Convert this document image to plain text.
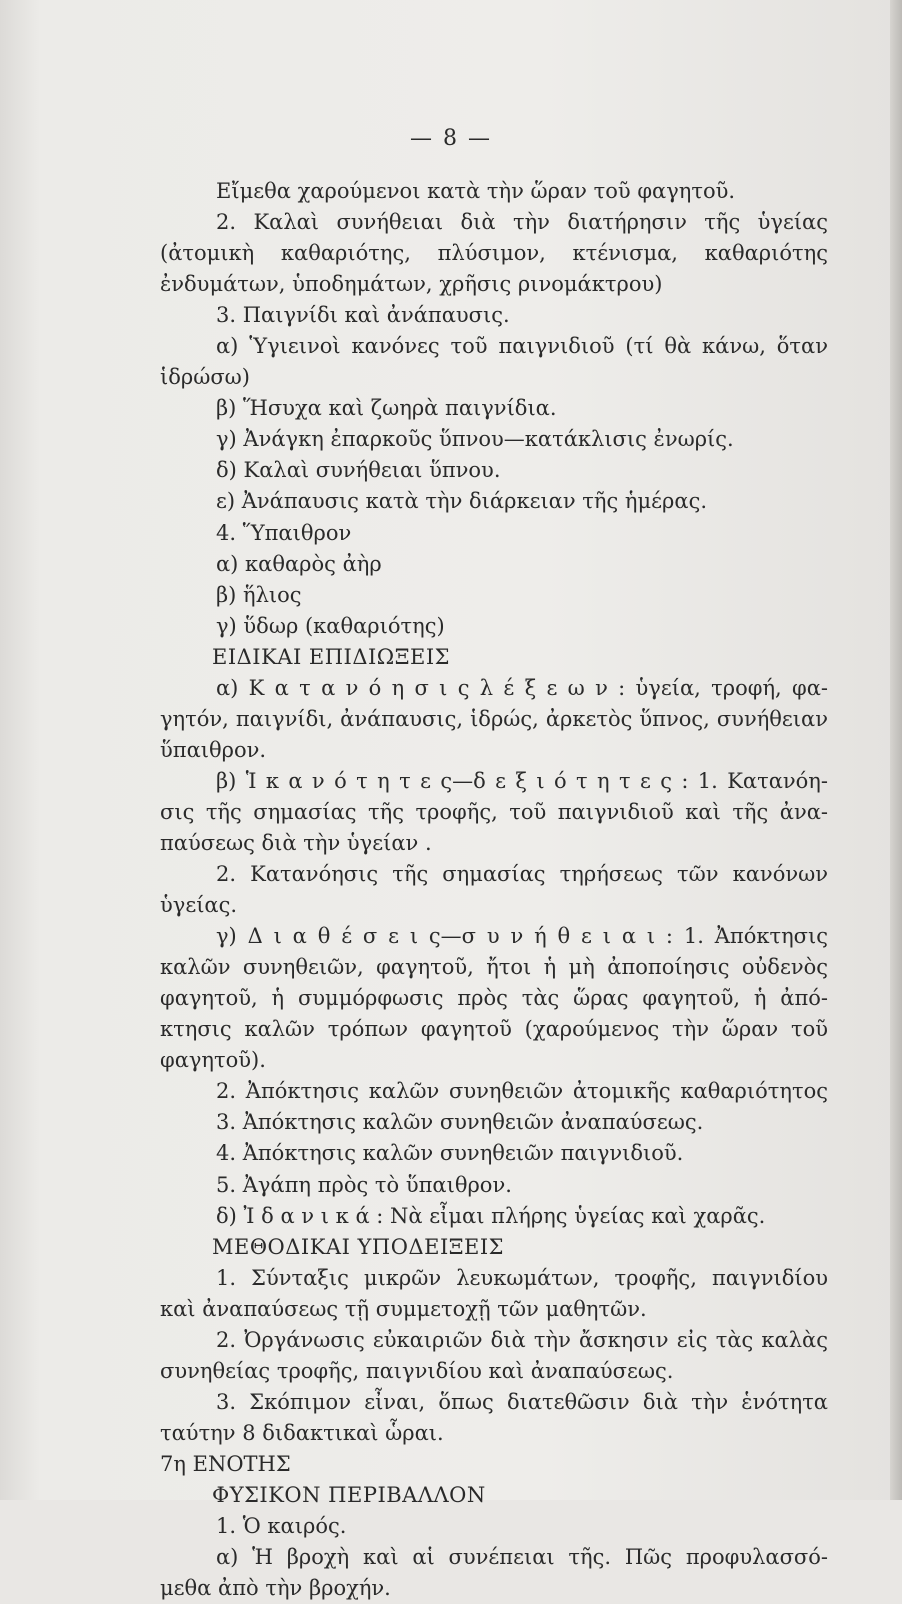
— 8 —
Εἴμεθα χαρούμενοι κατὰ τὴν ὥραν τοῦ φαγητοῦ.
2. Καλαὶ συνήθειαι διὰ τὴν διατήρησιν τῆς ὑγείας
(ἀτομικὴ καθαριότης, πλύσιμον, κτένισμα, καθαριότης
ἐνδυμάτων, ὑποδημάτων, χρῆσις ρινομάκτρου)
3. Παιγνίδι καὶ ἀνάπαυσις.
α) Ὑγιεινοὶ κανόνες τοῦ παιγνιδιοῦ (τί θὰ κάνω, ὅταν
ἱδρώσω)
β) Ἥσυχα καὶ ζωηρὰ παιγνίδια.
γ) Ἀνάγκη ἐπαρκοῦς ὕπνου—κατάκλισις ἐνωρίς.
δ) Καλαὶ συνήθειαι ὕπνου.
ε) Ἀνάπαυσις κατὰ τὴν διάρκειαν τῆς ἡμέρας.
4. Ὕπαιθρον
α) καθαρὸς ἀὴρ
β) ἥλιος
γ) ὕδωρ (καθαριότης)
ΕΙΔΙΚΑΙ ΕΠΙΔΙΩΞΕΙΣ
α) Κ α τ α ν ό η σ ι ς λ έ ξ ε ω ν : ὑγεία, τροφή, φα-
γητόν, παιγνίδι, ἀνάπαυσις, ἱδρώς, ἀρκετὸς ὕπνος, συνήθειαν
ὕπαιθρον.
β) Ἱ κ α ν ό τ η τ ε ς—δ ε ξ ι ό τ η τ ε ς : 1. Κατανόη-
σις τῆς σημασίας τῆς τροφῆς, τοῦ παιγνιδιοῦ καὶ τῆς ἀνα-
παύσεως διὰ τὴν ὑγείαν .
2. Κατανόησις τῆς σημασίας τηρήσεως τῶν κανόνων
ὑγείας.
γ) Δ ι α θ έ σ ε ι ς—σ υ ν ή θ ε ι α ι : 1. Ἀπόκτησις
καλῶν συνηθειῶν, φαγητοῦ, ἤτοι ἡ μὴ ἀποποίησις οὐδενὸς
φαγητοῦ, ἡ συμμόρφωσις πρὸς τὰς ὥρας φαγητοῦ, ἡ ἀπό-
κτησις καλῶν τρόπων φαγητοῦ (χαρούμενος τὴν ὥραν τοῦ
φαγητοῦ).
2. Ἀπόκτησις καλῶν συνηθειῶν ἀτομικῆς καθαριότητος
3. Ἀπόκτησις καλῶν συνηθειῶν ἀναπαύσεως.
4. Ἀπόκτησις καλῶν συνηθειῶν παιγνιδιοῦ.
5. Ἀγάπη πρὸς τὸ ὕπαιθρον.
δ) Ἰ δ α ν ι κ ά : Νὰ εἶμαι πλήρης ὑγείας καὶ χαρᾶς.
ΜΕΘΟΔΙΚΑΙ ΥΠΟΔΕΙΞΕΙΣ
1. Σύνταξις μικρῶν λευκωμάτων, τροφῆς, παιγνιδίου
καὶ ἀναπαύσεως τῇ συμμετοχῇ τῶν μαθητῶν.
2. Ὀργάνωσις εὐκαιριῶν διὰ τὴν ἄσκησιν εἰς τὰς καλὰς
συνηθείας τροφῆς, παιγνιδίου καὶ ἀναπαύσεως.
3. Σκόπιμον εἶναι, ὅπως διατεθῶσιν διὰ τὴν ἑνότητα
ταύτην 8 διδακτικαὶ ὧραι.
7η ΕΝΟΤΗΣ
ΦΥΣΙΚΟΝ ΠΕΡΙΒΑΛΛΟΝ
1. Ὁ καιρός.
α) Ἡ βροχὴ καὶ αἱ συνέπειαι τῆς. Πῶς προφυλασσό-
μεθα ἀπὸ τὴν βροχήν.
